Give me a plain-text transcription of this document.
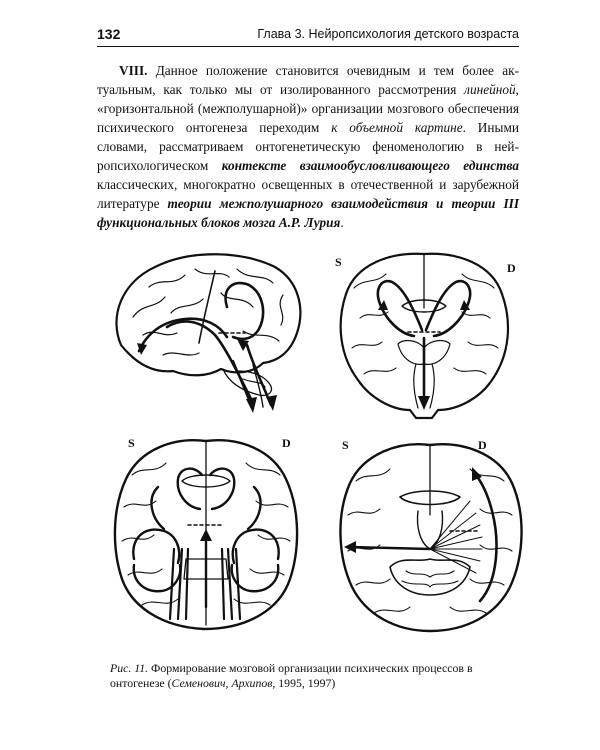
132	Глава 3. Нейропсихология детского возраста

VIII. Данное положение становится очевидным и тем более актуальным, как только мы от изолированного рассмотрения линейной, «горизонтальной (межполушарной)» организации мозгового обеспечения психического онтогенеза переходим к объемной картине. Иными словами, рассматриваем онтогенетическую феноменологию в нейропсихологическом контексте взаимообусловливающего единства классических, многократно освещенных в отечественной и зарубежной литературе теории межполушарного взаимодействия и теории III функциональных блоков мозга А.Р. Лурия.

S	D
S	D	S	D

Рис. 11. Формирование мозговой организации психических процессов в онтогенезе (Семенович, Архипов, 1995, 1997)
